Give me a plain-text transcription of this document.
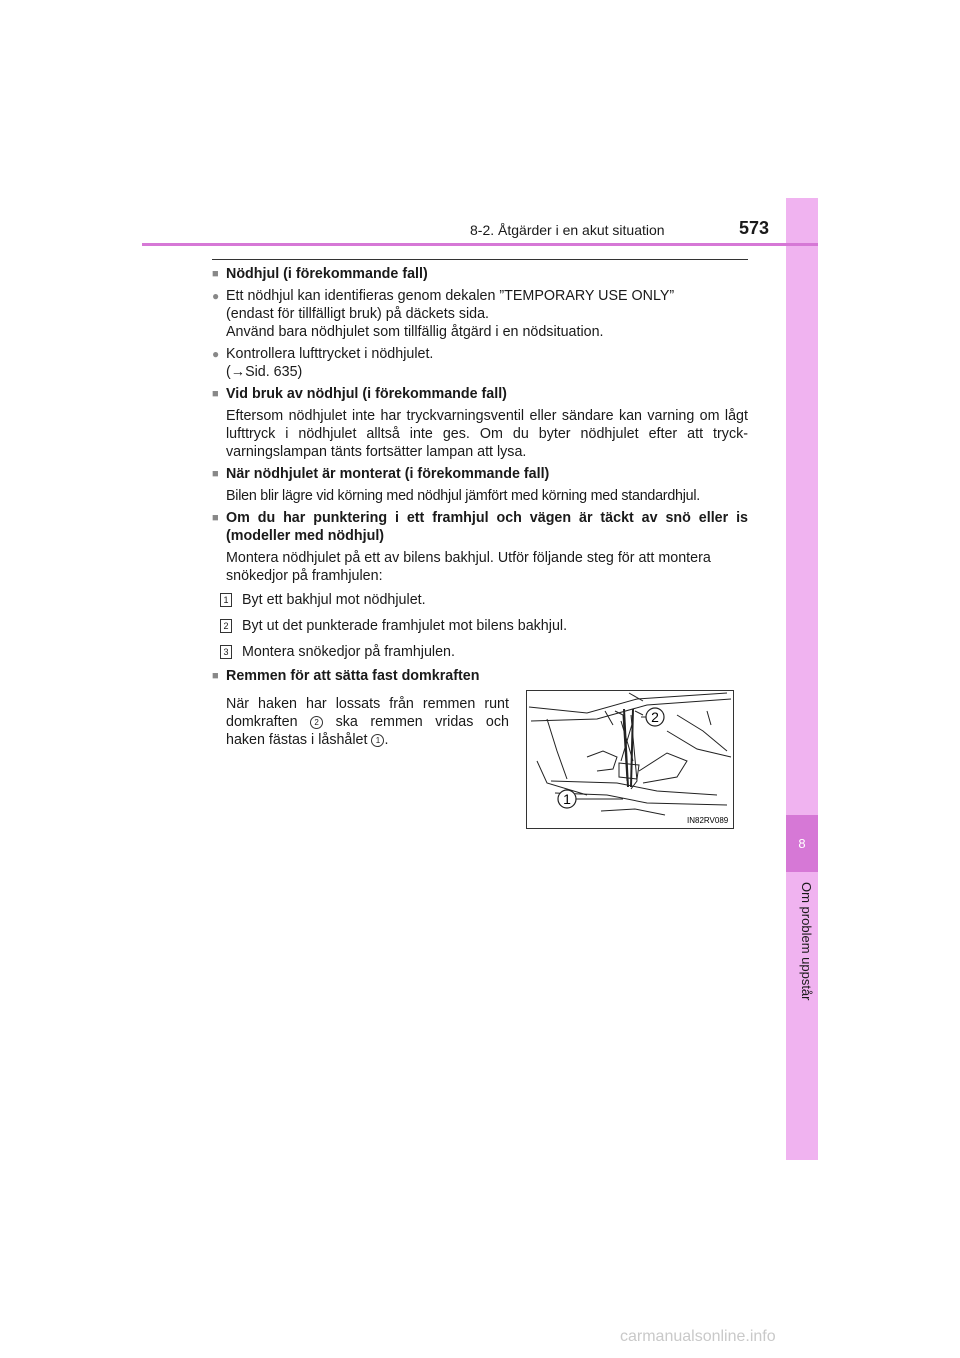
8
Om problem uppstår
8-2. Åtgärder i en akut situation	573
■ Nödhjul (i förekommande fall)
● Ett nödhjul kan identifieras genom dekalen ”TEMPORARY USE ONLY”
(endast för tillfälligt bruk) på däckets sida.
Använd bara nödhjulet som tillfällig åtgärd i en nödsituation.
● Kontrollera lufttrycket i nödhjulet.
(→Sid. 635)
■ Vid bruk av nödhjul (i förekommande fall)
Eftersom nödhjulet inte har tryckvarningsventil eller sändare kan varning om lågt lufttryck i nödhjulet alltså inte ges. Om du byter nödhjulet efter att tryck-varningslampan tänts fortsätter lampan att lysa.
■ När nödhjulet är monterat (i förekommande fall)
Bilen blir lägre vid körning med nödhjul jämfört med körning med standardhjul.
■ Om du har punktering i ett framhjul och vägen är täckt av snö eller is (modeller med nödhjul)
Montera nödhjulet på ett av bilens bakhjul. Utför följande steg för att montera snökedjor på framhjulen:
1 Byt ett bakhjul mot nödhjulet.
2 Byt ut det punkterade framhjulet mot bilens bakhjul.
3 Montera snökedjor på framhjulen.
■ Remmen för att sätta fast domkraften
När haken har lossats från remmen runt domkraften 2 ska remmen vridas och haken fästas i låshålet 1 .
2
1
IN82RV089
carmanualsonline.info
